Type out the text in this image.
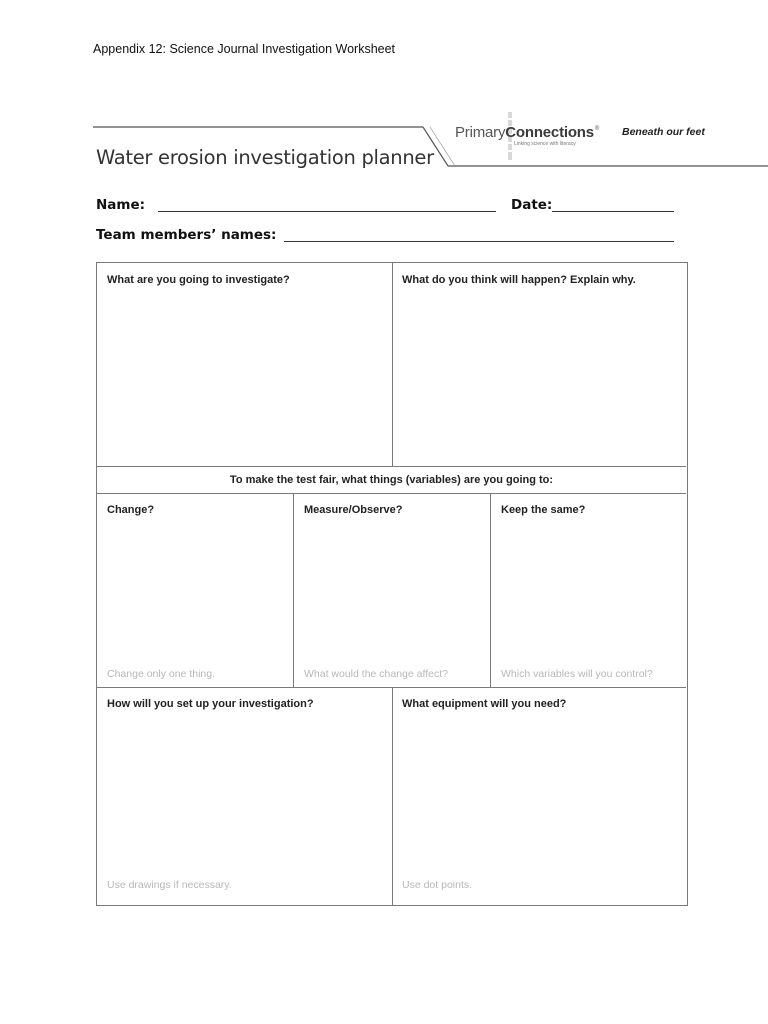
Appendix 12: Science Journal Investigation Worksheet
PrimaryConnections®
Linking science with literacy
Beneath our feet
Water erosion investigation planner
Name:	Date:
Team members’ names:
What are you going to investigate?	What do you think will happen? Explain why.
To make the test fair, what things (variables) are you going to:
Change?
Change only one thing.
Measure/Observe?
What would the change affect?
Keep the same?
Which variables will you control?
How will you set up your investigation?
Use drawings if necessary.
What equipment will you need?
Use dot points.
